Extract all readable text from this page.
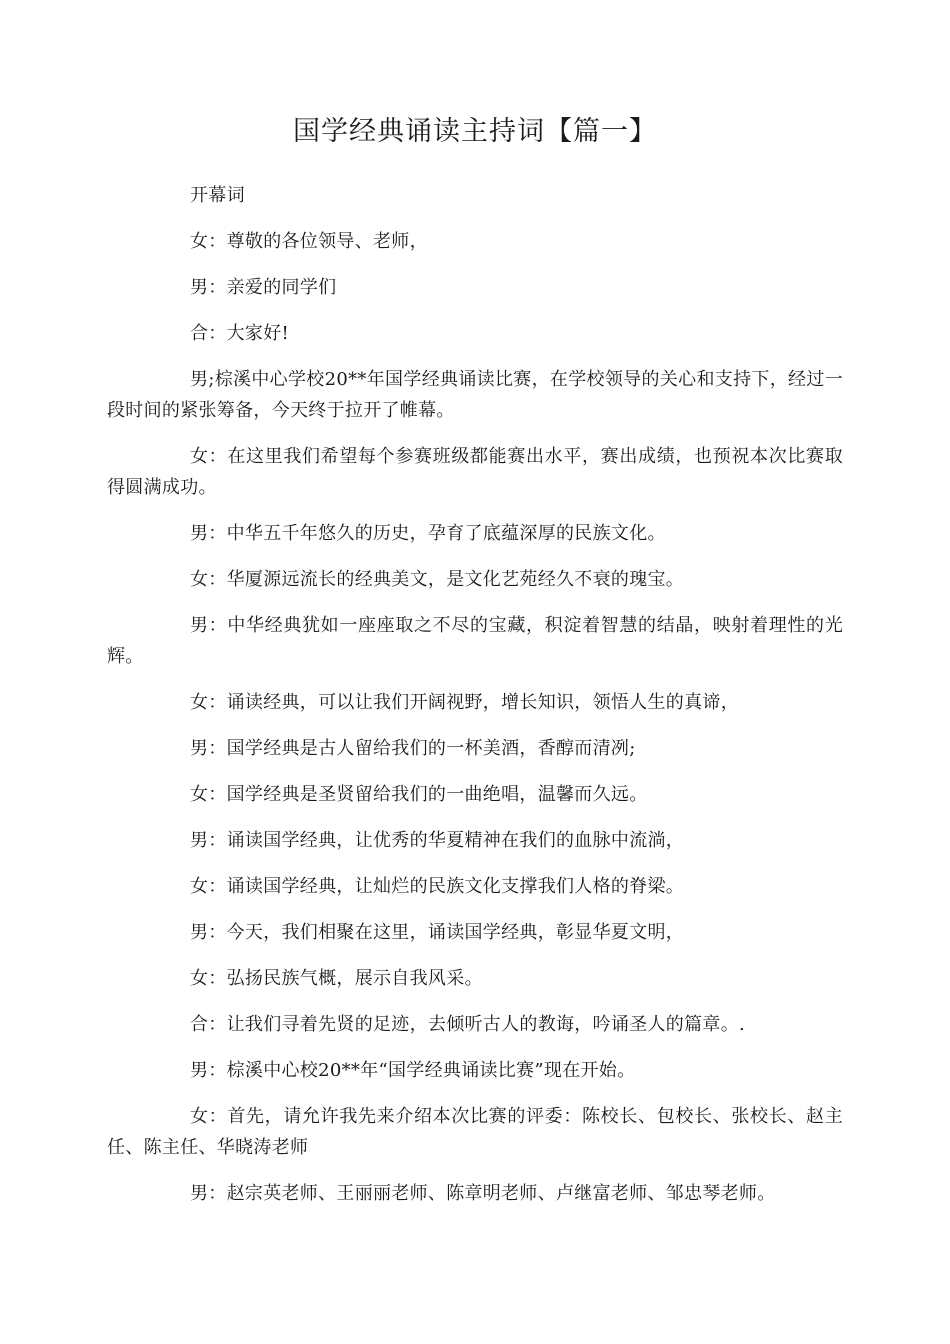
国学经典诵读主持词【篇一】

开幕词

女：尊敬的各位领导、老师，

男：亲爱的同学们

合：大家好!

男;棕溪中心学校20**年国学经典诵读比赛，在学校领导的关心和支持下，经过一段时间的紧张筹备，今天终于拉开了帷幕。

女：在这里我们希望每个参赛班级都能赛出水平，赛出成绩，也预祝本次比赛取得圆满成功。

男：中华五千年悠久的历史，孕育了底蕴深厚的民族文化。

女：华厦源远流长的经典美文，是文化艺苑经久不衰的瑰宝。

男：中华经典犹如一座座取之不尽的宝藏，积淀着智慧的结晶，映射着理性的光辉。

女：诵读经典，可以让我们开阔视野，增长知识，领悟人生的真谛，

男：国学经典是古人留给我们的一杯美酒，香醇而清冽;

女：国学经典是圣贤留给我们的一曲绝唱，温馨而久远。

男：诵读国学经典，让优秀的华夏精神在我们的血脉中流淌，

女：诵读国学经典，让灿烂的民族文化支撑我们人格的脊梁。

男：今天，我们相聚在这里，诵读国学经典，彰显华夏文明，

女：弘扬民族气概，展示自我风采。

合：让我们寻着先贤的足迹，去倾听古人的教诲，吟诵圣人的篇章。.

男：棕溪中心校20**年“国学经典诵读比赛”现在开始。

女：首先，请允许我先来介绍本次比赛的评委：陈校长、包校长、张校长、赵主任、陈主任、华晓涛老师

男：赵宗英老师、王丽丽老师、陈章明老师、卢继富老师、邹忠琴老师。
